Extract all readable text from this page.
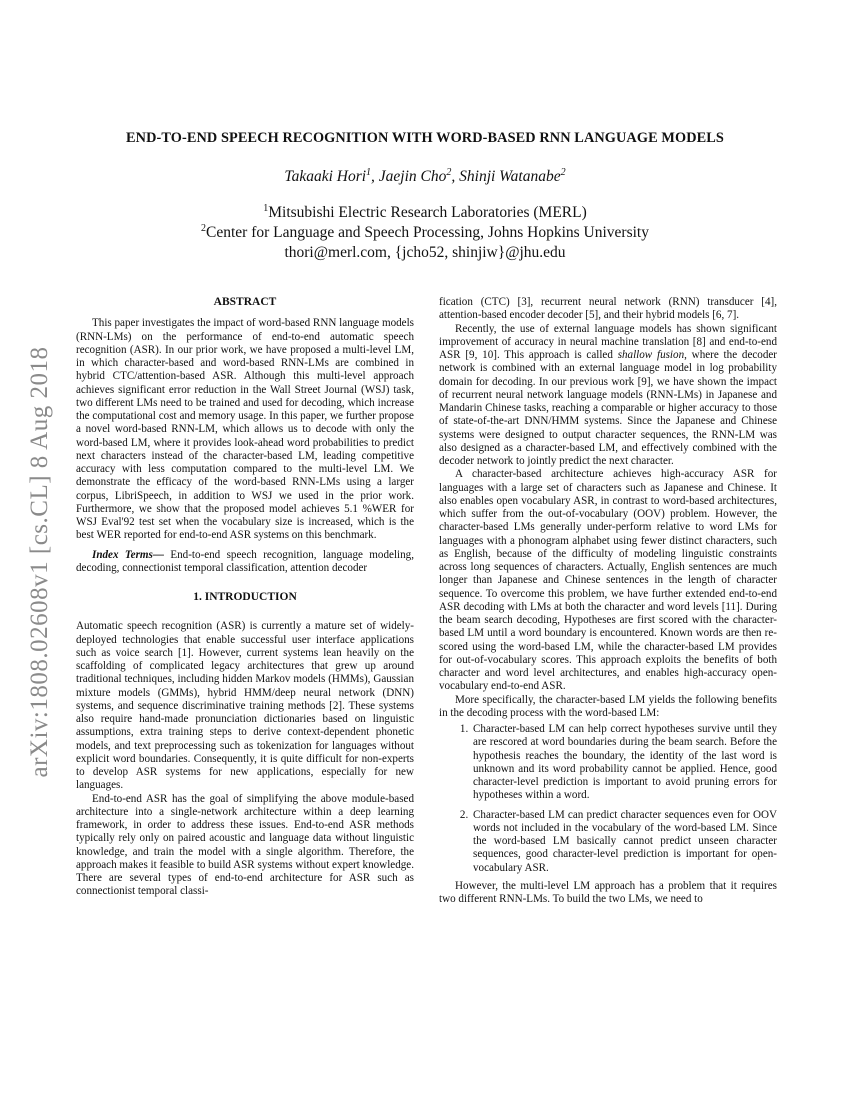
arXiv:1808.02608v1 [cs.CL] 8 Aug 2018
END-TO-END SPEECH RECOGNITION WITH WORD-BASED RNN LANGUAGE MODELS
Takaaki Hori$^1$, Jaejin Cho$^2$, Shinji Watanabe$^2$
$^1$Mitsubishi Electric Research Laboratories (MERL)
$^2$Center for Language and Speech Processing, Johns Hopkins University
thori@merl.com, {jcho52, shinjiw}@jhu.edu
ABSTRACT

This paper investigates the impact of word-based RNN language models (RNN-LMs) on the performance of end-to-end automatic speech recognition (ASR). In our prior work, we have proposed a multi-level LM, in which character-based and word-based RNN-LMs are combined in hybrid CTC/attention-based ASR. Although this multi-level approach achieves significant error reduction in the Wall Street Journal (WSJ) task, two different LMs need to be trained and used for decoding, which increase the computational cost and memory usage. In this paper, we further propose a novel word-based RNN-LM, which allows us to decode with only the word-based LM, where it provides look-ahead word probabilities to predict next characters instead of the character-based LM, leading competitive accuracy with less computation compared to the multi-level LM. We demonstrate the efficacy of the word-based RNN-LMs using a larger corpus, LibriSpeech, in addition to WSJ we used in the prior work. Furthermore, we show that the proposed model achieves 5.1 %WER for WSJ Eval'92 test set when the vocabulary size is increased, which is the best WER reported for end-to-end ASR systems on this benchmark.

Index Terms— End-to-end speech recognition, language modeling, decoding, connectionist temporal classification, attention decoder

1. INTRODUCTION

Automatic speech recognition (ASR) is currently a mature set of widely-deployed technologies that enable successful user interface applications such as voice search [1]. However, current systems lean heavily on the scaffolding of complicated legacy architectures that grew up around traditional techniques, including hidden Markov models (HMMs), Gaussian mixture models (GMMs), hybrid HMM/deep neural network (DNN) systems, and sequence discriminative training methods [2]. These systems also require hand-made pronunciation dictionaries based on linguistic assumptions, extra training steps to derive context-dependent phonetic models, and text preprocessing such as tokenization for languages without explicit word boundaries. Consequently, it is quite difficult for non-experts to develop ASR systems for new applications, especially for new languages.

End-to-end ASR has the goal of simplifying the above module-based architecture into a single-network architecture within a deep learning framework, in order to address these issues. End-to-end ASR methods typically rely only on paired acoustic and language data without linguistic knowledge, and train the model with a single algorithm. Therefore, the approach makes it feasible to build ASR systems without expert knowledge. There are several types of end-to-end architecture for ASR such as connectionist temporal classi-

fication (CTC) [3], recurrent neural network (RNN) transducer [4], attention-based encoder decoder [5], and their hybrid models [6, 7].

Recently, the use of external language models has shown significant improvement of accuracy in neural machine translation [8] and end-to-end ASR [9, 10]. This approach is called shallow fusion, where the decoder network is combined with an external language model in log probability domain for decoding. In our previous work [9], we have shown the impact of recurrent neural network language models (RNN-LMs) in Japanese and Mandarin Chinese tasks, reaching a comparable or higher accuracy to those of state-of-the-art DNN/HMM systems. Since the Japanese and Chinese systems were designed to output character sequences, the RNN-LM was also designed as a character-based LM, and effectively combined with the decoder network to jointly predict the next character.

A character-based architecture achieves high-accuracy ASR for languages with a large set of characters such as Japanese and Chinese. It also enables open vocabulary ASR, in contrast to word-based architectures, which suffer from the out-of-vocabulary (OOV) problem. However, the character-based LMs generally under-perform relative to word LMs for languages with a phonogram alphabet using fewer distinct characters, such as English, because of the difficulty of modeling linguistic constraints across long sequences of characters. Actually, English sentences are much longer than Japanese and Chinese sentences in the length of character sequence. To overcome this problem, we have further extended end-to-end ASR decoding with LMs at both the character and word levels [11]. During the beam search decoding, Hypotheses are first scored with the character-based LM until a word boundary is encountered. Known words are then re-scored using the word-based LM, while the character-based LM provides for out-of-vocabulary scores. This approach exploits the benefits of both character and word level architectures, and enables high-accuracy open-vocabulary end-to-end ASR.

More specifically, the character-based LM yields the following benefits in the decoding process with the word-based LM:

1. Character-based LM can help correct hypotheses survive until they are rescored at word boundaries during the beam search. Before the hypothesis reaches the boundary, the identity of the last word is unknown and its word probability cannot be applied. Hence, good character-level prediction is important to avoid pruning errors for hypotheses within a word.
2. Character-based LM can predict character sequences even for OOV words not included in the vocabulary of the word-based LM. Since the word-based LM basically cannot predict unseen character sequences, good character-level prediction is important for open-vocabulary ASR.

However, the multi-level LM approach has a problem that it requires two different RNN-LMs. To build the two LMs, we need to
